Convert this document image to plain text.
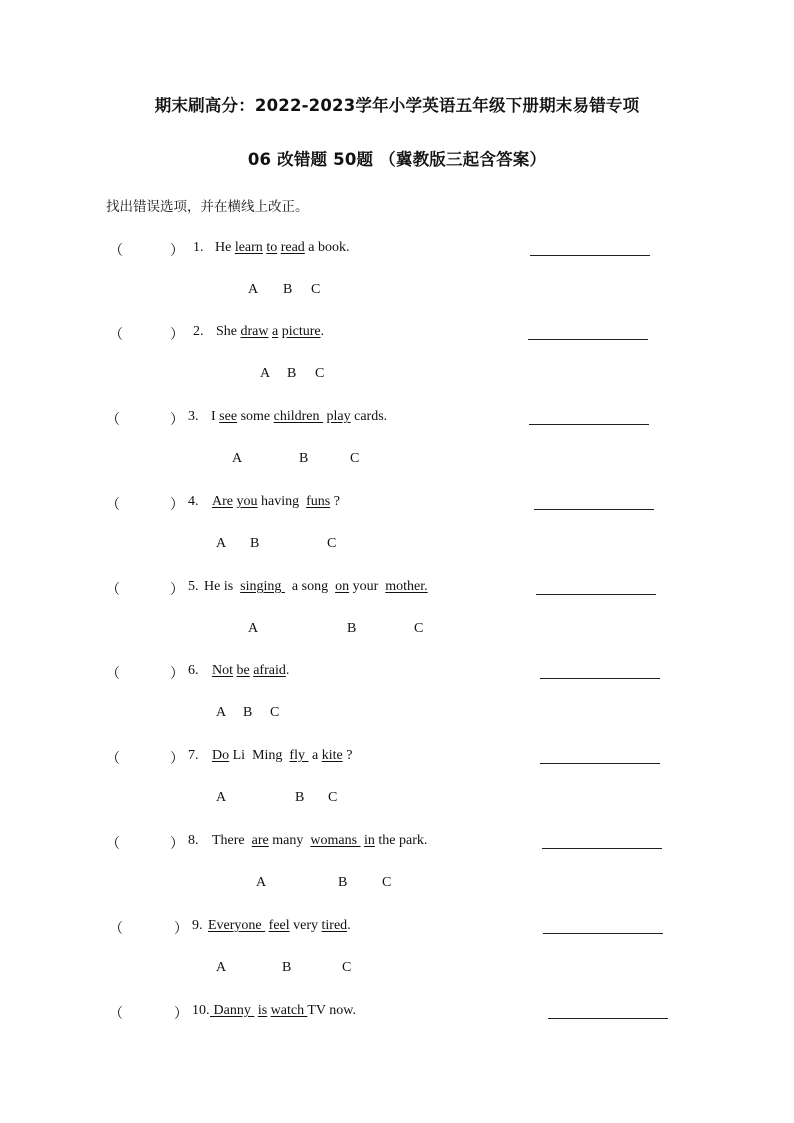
期末刷高分：2022-2023学年小学英语五年级下册期末易错专项
06 改错题 50题 （冀教版三起含答案）
找出错误选项，并在横线上改正。
（	） 1. He learn to read a book.
A B C
（	） 2. She draw a picture.
A B C
（	） 3. I see some children  play cards.
A	B	C
（	） 4. Are you having  funs ?
A B	C
（	） 5. He is  singing   a song  on your  mother.
A	B	C
（	） 6. Not be afraid.
A B C
（	） 7. Do Li  Ming  fly  a kite ?
A	B C
（	） 8. There  are many  womans  in the park.
A	B C
（	） 9. Everyone  feel very tired.
A	B	C
（	） 10. Danny  is watch TV now.
